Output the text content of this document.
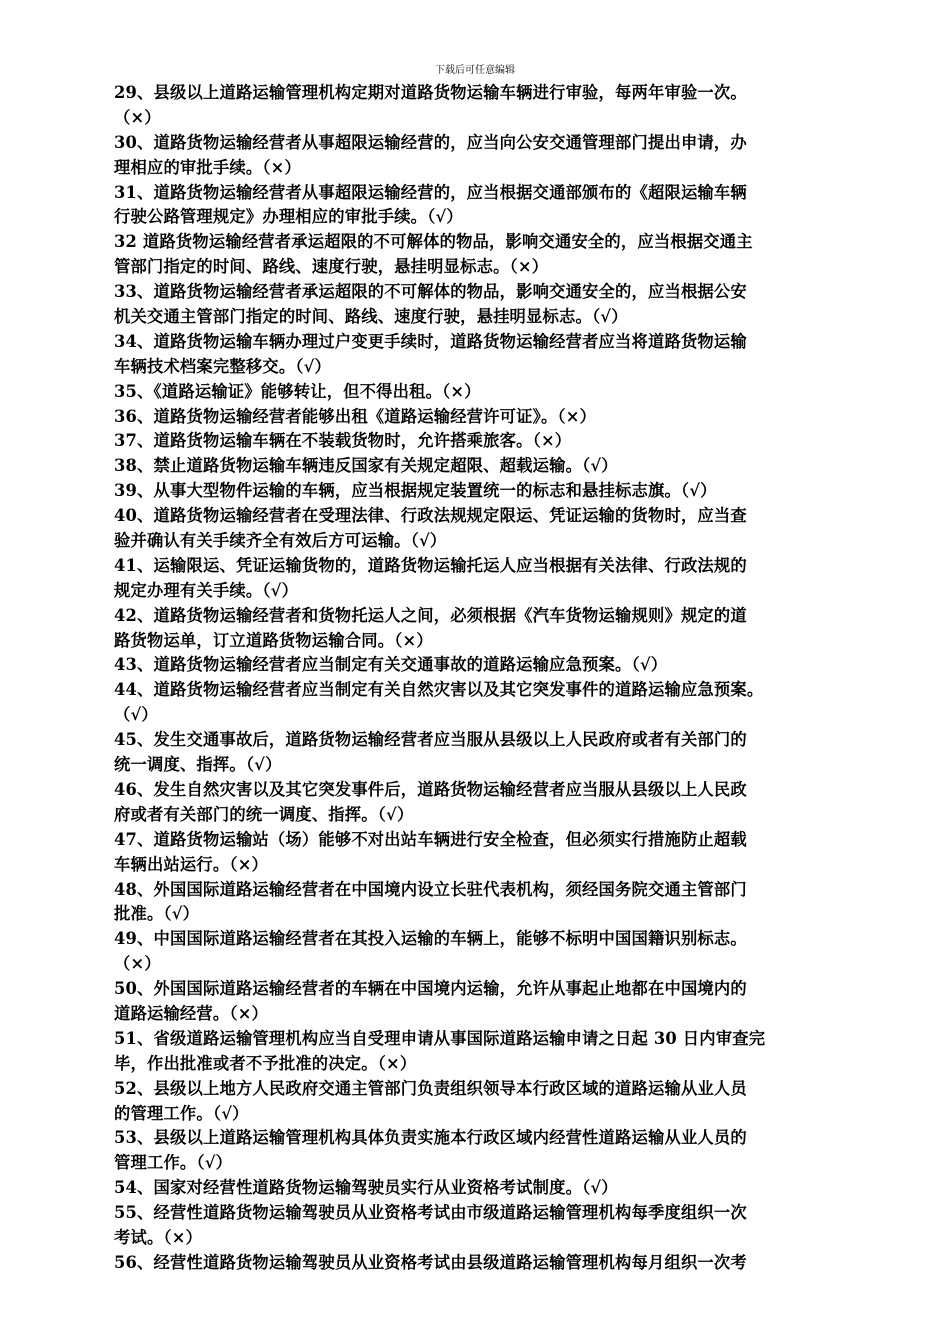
下载后可任意编辑
29、县级以上道路运输管理机构定期对道路货物运输车辆进行审验，每两年审验一次。
（×）
30、道路货物运输经营者从事超限运输经营的，应当向公安交通管理部门提出申请，办
理相应的审批手续。（×）
31、道路货物运输经营者从事超限运输经营的，应当根据交通部颁布的《超限运输车辆
行驶公路管理规定》办理相应的审批手续。（√）
32 道路货物运输经营者承运超限的不可解体的物品，影响交通安全的，应当根据交通主
管部门指定的时间、路线、速度行驶，悬挂明显标志。（×）
33、道路货物运输经营者承运超限的不可解体的物品，影响交通安全的，应当根据公安
机关交通主管部门指定的时间、路线、速度行驶，悬挂明显标志。（√）
34、道路货物运输车辆办理过户变更手续时，道路货物运输经营者应当将道路货物运输
车辆技术档案完整移交。（√）
35、《道路运输证》能够转让，但不得出租。（×）
36、道路货物运输经营者能够出租《道路运输经营许可证》。（×）
37、道路货物运输车辆在不装载货物时，允许搭乘旅客。（×）
38、禁止道路货物运输车辆违反国家有关规定超限、超载运输。（√）
39、从事大型物件运输的车辆，应当根据规定装置统一的标志和悬挂标志旗。（√）
40、道路货物运输经营者在受理法律、行政法规规定限运、凭证运输的货物时，应当查
验并确认有关手续齐全有效后方可运输。（√）
41、运输限运、凭证运输货物的，道路货物运输托运人应当根据有关法律、行政法规的
规定办理有关手续。（√）
42、道路货物运输经营者和货物托运人之间，必须根据《汽车货物运输规则》规定的道
路货物运单，订立道路货物运输合同。（×）
43、道路货物运输经营者应当制定有关交通事故的道路运输应急预案。（√）
44、道路货物运输经营者应当制定有关自然灾害以及其它突发事件的道路运输应急预案。
（√）
45、发生交通事故后，道路货物运输经营者应当服从县级以上人民政府或者有关部门的
统一调度、指挥。（√）
46、发生自然灾害以及其它突发事件后，道路货物运输经营者应当服从县级以上人民政
府或者有关部门的统一调度、指挥。（√）
47、道路货物运输站（场）能够不对出站车辆进行安全检查，但必须实行措施防止超载
车辆出站运行。（×）
48、外国国际道路运输经营者在中国境内设立长驻代表机构，须经国务院交通主管部门
批准。（√）
49、中国国际道路运输经营者在其投入运输的车辆上，能够不标明中国国籍识别标志。
（×）
50、外国国际道路运输经营者的车辆在中国境内运输，允许从事起止地都在中国境内的
道路运输经营。（×）
51、省级道路运输管理机构应当自受理申请从事国际道路运输申请之日起 30 日内审查完
毕，作出批准或者不予批准的决定。（×）
52、县级以上地方人民政府交通主管部门负责组织领导本行政区域的道路运输从业人员
的管理工作。（√）
53、县级以上道路运输管理机构具体负责实施本行政区域内经营性道路运输从业人员的
管理工作。（√）
54、国家对经营性道路货物运输驾驶员实行从业资格考试制度。（√）
55、经营性道路货物运输驾驶员从业资格考试由市级道路运输管理机构每季度组织一次
考试。（×）
56、经营性道路货物运输驾驶员从业资格考试由县级道路运输管理机构每月组织一次考
